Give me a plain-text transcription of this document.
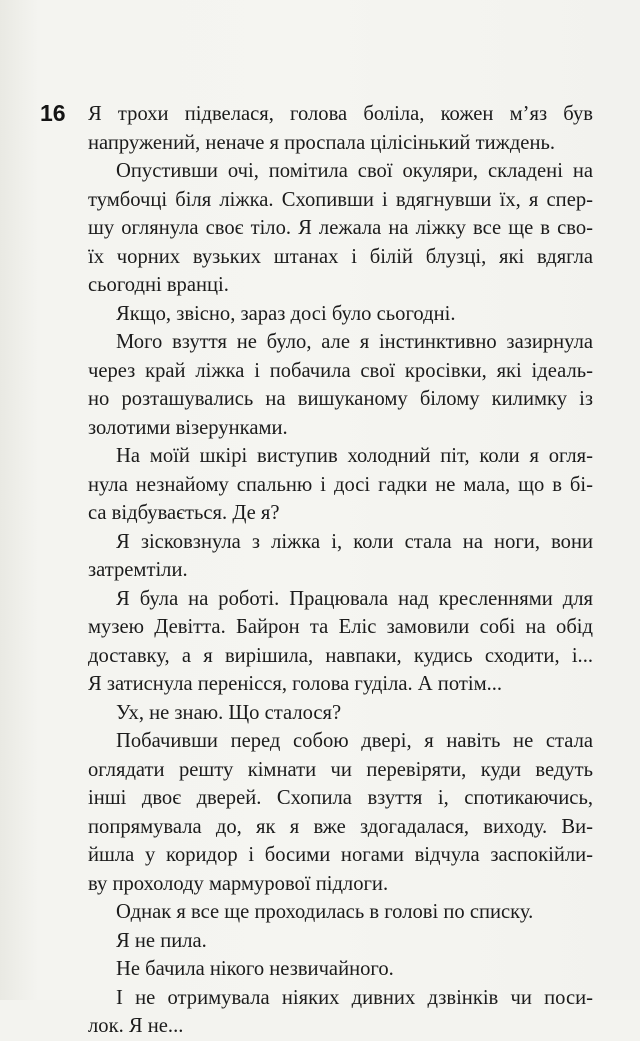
16 Я трохи підвелася, голова боліла, кожен м’яз був
напружений, неначе я проспала цілісінький тиждень.
Опустивши очі, помітила свої окуляри, складені на
тумбочці біля ліжка. Схопивши і вдягнувши їх, я спер-
шу оглянула своє тіло. Я лежала на ліжку все ще в сво-
їх чорних вузьких штанах і білій блузці, які вдягла
сьогодні вранці.
Якщо, звісно, зараз досі було сьогодні.
Мого взуття не було, але я інстинктивно зазирнула
через край ліжка і побачила свої кросівки, які ідеаль-
но розташувались на вишуканому білому килимку із
золотими візерунками.
На моїй шкірі виступив холодний піт, коли я огля-
нула незнайому спальню і досі гадки не мала, що в бі-
са відбувається. Де я?
Я зісковзнула з ліжка і, коли стала на ноги, вони
затремтіли.
Я була на роботі. Працювала над кресленнями для
музею Девітта. Байрон та Еліс замовили собі на обід
доставку, а я вирішила, навпаки, кудись сходити, і...
Я затиснула перенісся, голова гуділа. А потім...
Ух, не знаю. Що сталося?
Побачивши перед собою двері, я навіть не стала
оглядати решту кімнати чи перевіряти, куди ведуть
інші двоє дверей. Схопила взуття і, спотикаючись,
попрямувала до, як я вже здогадалася, виходу. Ви-
йшла у коридор і босими ногами відчула заспокійли-
ву прохолоду мармурової підлоги.
Однак я все ще проходилась в голові по списку.
Я не пила.
Не бачила нікого незвичайного.
І не отримувала ніяких дивних дзвінків чи поси-
лок. Я не...
